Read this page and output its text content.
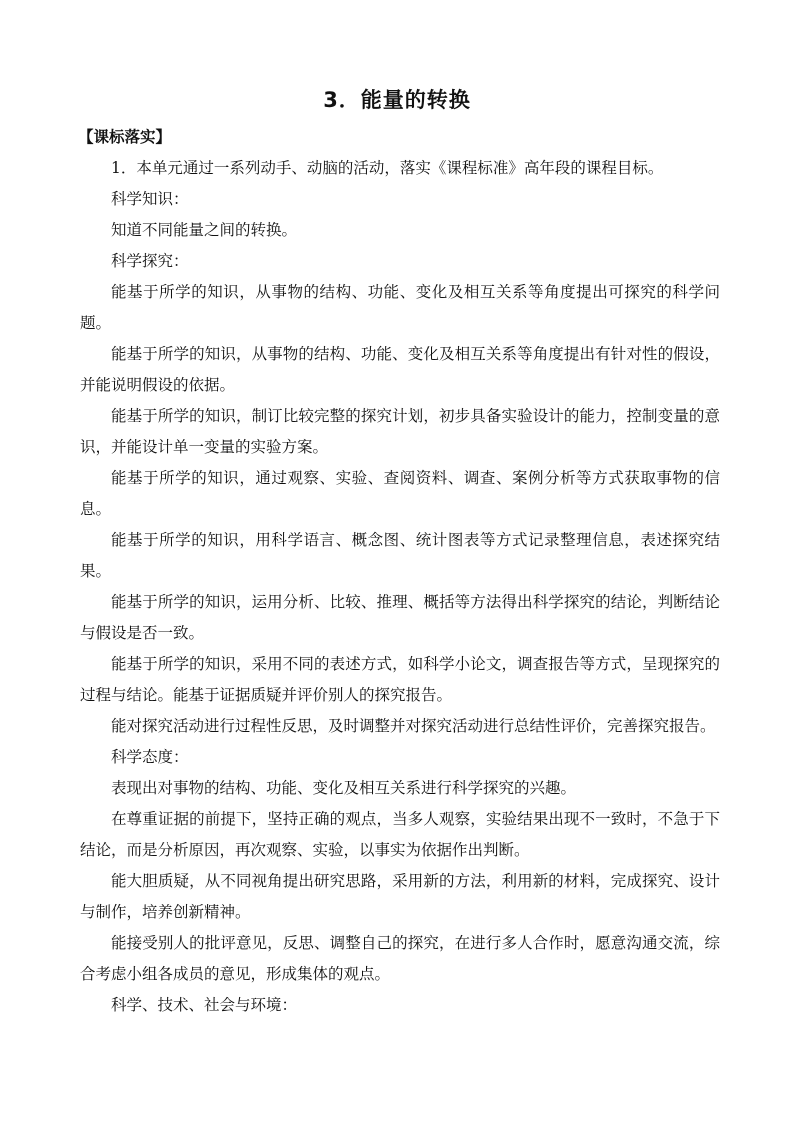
3．能量的转换
【课标落实】

1．本单元通过一系列动手、动脑的活动，落实《课程标准》高年段的课程目标。

科学知识：

知道不同能量之间的转换。

科学探究：

能基于所学的知识，从事物的结构、功能、变化及相互关系等角度提出可探究的科学问题。

能基于所学的知识，从事物的结构、功能、变化及相互关系等角度提出有针对性的假设，并能说明假设的依据。

能基于所学的知识，制订比较完整的探究计划，初步具备实验设计的能力，控制变量的意识，并能设计单一变量的实验方案。

能基于所学的知识，通过观察、实验、查阅资料、调查、案例分析等方式获取事物的信息。

能基于所学的知识，用科学语言、概念图、统计图表等方式记录整理信息，表述探究结果。

能基于所学的知识，运用分析、比较、推理、概括等方法得出科学探究的结论，判断结论与假设是否一致。

能基于所学的知识，采用不同的表述方式，如科学小论文，调查报告等方式，呈现探究的过程与结论。能基于证据质疑并评价别人的探究报告。

能对探究活动进行过程性反思，及时调整并对探究活动进行总结性评价，完善探究报告。

科学态度：

表现出对事物的结构、功能、变化及相互关系进行科学探究的兴趣。

在尊重证据的前提下，坚持正确的观点，当多人观察，实验结果出现不一致时，不急于下结论，而是分析原因，再次观察、实验，以事实为依据作出判断。

能大胆质疑，从不同视角提出研究思路，采用新的方法，利用新的材料，完成探究、设计与制作，培养创新精神。

能接受别人的批评意见，反思、调整自己的探究，在进行多人合作时，愿意沟通交流，综合考虑小组各成员的意见，形成集体的观点。

科学、技术、社会与环境：
